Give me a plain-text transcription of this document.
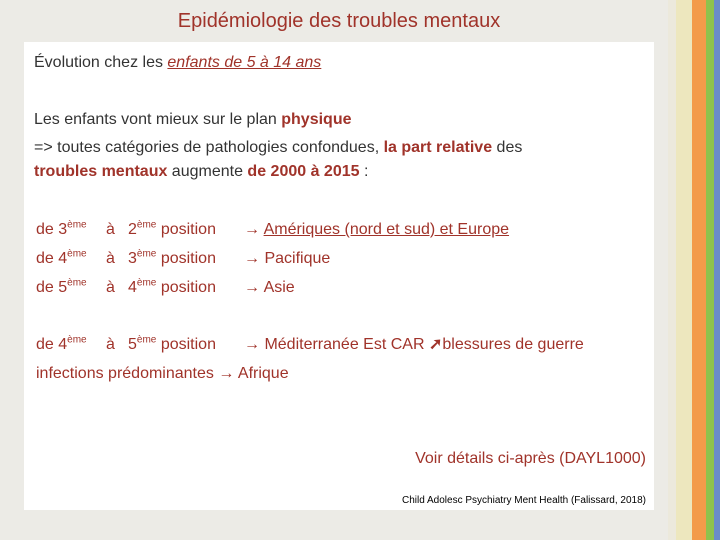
Epidémiologie des troubles mentaux
Évolution chez les enfants de 5 à 14 ans
Les enfants vont mieux sur le plan physique
=> toutes catégories de pathologies confondues, la part relative des
troubles mentaux augmente de 2000 à 2015 :
de 3ème à 2ème position → Amériques (nord et sud) et Europe
de 4ème à 3ème position → Pacifique
de 5ème à 4ème position → Asie
de 4ème à 5ème position → Méditerranée Est CAR ➚blessures de guerre
infections prédominantes → Afrique
Voir détails ci-après (DAYL1000)
Child Adolesc Psychiatry Ment Health (Falissard, 2018)
